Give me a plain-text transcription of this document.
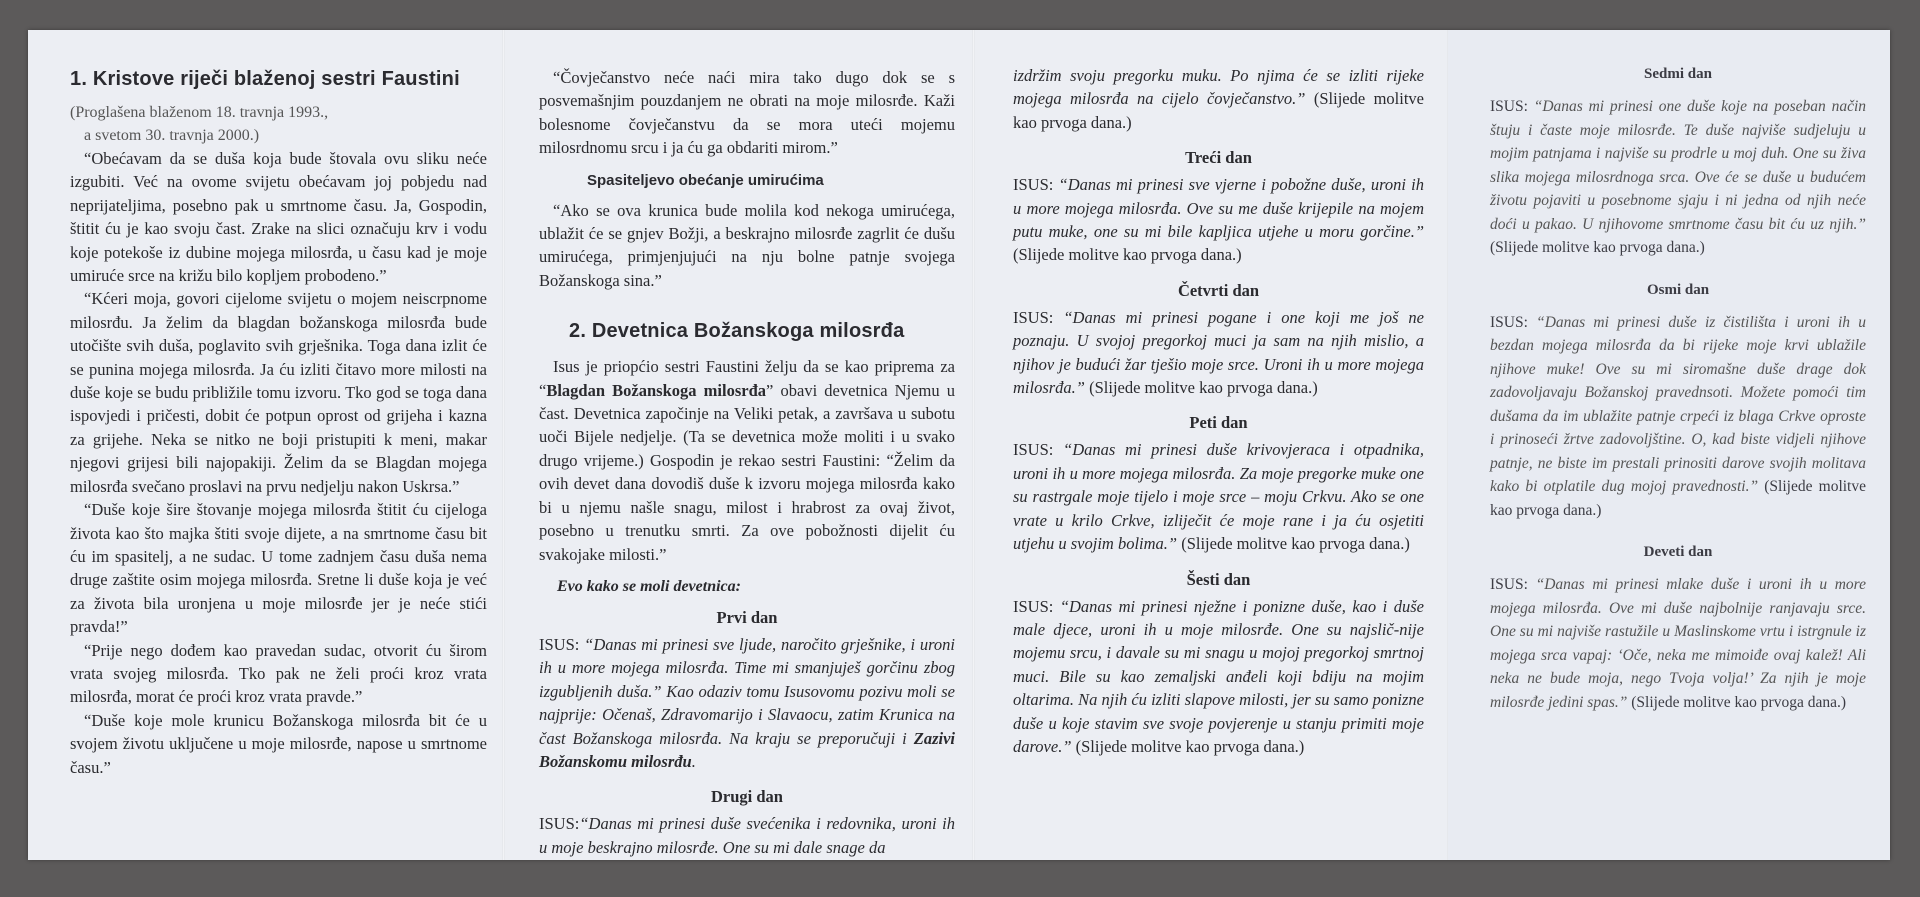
1. Kristove riječi blaženoj sestri Faustini

(Proglašena blaženom 18. travnja 1993.,

a svetom 30. travnja 2000.)

“Obećavam da se duša koja bude štovala ovu sliku neće izgubiti. Već na ovome svijetu obećavam joj pobjedu nad neprijateljima, posebno pak u smrtnome času. Ja, Gospodin, štitit ću je kao svoju čast. Zrake na slici označuju krv i vodu koje potekoše iz dubine mojega milosrđa, u času kad je moje umiruće srce na križu bilo kopljem probodeno.”

“Kćeri moja, govori cijelome svijetu o mojem neiscrpnome milosrđu. Ja želim da blagdan božanskoga milosrđa bude utočište svih duša, poglavito svih grješnika. Toga dana izlit će se punina mojega milosrđa. Ja ću izliti čitavo more milosti na duše koje se budu približile tomu izvoru. Tko god se toga dana ispovjedi i pričesti, dobit će potpun oprost od grijeha i kazna za grijehe. Neka se nitko ne boji pristupiti k meni, makar njegovi grijesi bili najopakiji. Želim da se Blagdan mojega milosrđa svečano proslavi na prvu nedjelju nakon Uskrsa.”

“Duše koje šire štovanje mojega milosrđa štitit ću cijeloga života kao što majka štiti svoje dijete, a na smrtnome času bit ću im spasitelj, a ne sudac. U tome zadnjem času duša nema druge zaštite osim mojega milosrđa. Sretne li duše koja je već za života bila uronjena u moje milosrđe jer je neće stići pravda!”

“Prije nego dođem kao pravedan sudac, otvorit ću širom vrata svojeg milosrđa. Tko pak ne želi proći kroz vrata milosrđa, morat će proći kroz vrata pravde.”

“Duše koje mole krunicu Božanskoga milosrđa bit će u svojem životu uključene u moje milosrđe, napose u smrtnome času.”

“Čovječanstvo neće naći mira tako dugo dok se s posvemašnjim pouzdanjem ne obrati na moje milosrđe. Kaži bolesnome čovječanstvu da se mora uteći mojemu milosrdnomu srcu i ja ću ga obdariti mirom.”

Spasiteljevo obećanje umirućima

“Ako se ova krunica bude molila kod nekoga umirućega, ublažit će se gnjev Božji, a beskrajno milosrđe zagrlit će dušu umirućega, primjenjujući na nju bolne patnje svojega Božanskoga sina.”

2. Devetnica Božanskoga milosrđa

Isus je priopćio sestri Faustini želju da se kao priprema za “Blagdan Božanskoga milosrđa” obavi devetnica Njemu u čast. Devetnica započinje na Veliki petak, a završava u subotu uoči Bijele nedjelje. (Ta se devetnica može moliti i u svako drugo vrijeme.) Gospodin je rekao sestri Faustini: “Želim da ovih devet dana dovodiš duše k izvoru mojega milosrđa kako bi u njemu našle snagu, milost i hrabrost za ovaj život, posebno u trenutku smrti. Za ove pobožnosti dijelit ću svakojake milosti.”

Evo kako se moli devetnica:
Prvi dan

ISUS: “Danas mi prinesi sve ljude, naročito grješnike, i uroni ih u more mojega milosrđa. Time mi smanjuješ gorčinu zbog izgubljenih duša.” Kao odaziv tomu Isusovomu pozivu moli se najprije: Očenaš, Zdravomarijo i Slavaocu, zatim Krunica na čast Božanskoga milosrđa. Na kraju se preporučuji i Zazivi Božanskomu milosrđu.

Drugi dan

ISUS:“Danas mi prinesi duše svećenika i redovnika, uroni ih u moje beskrajno milosrđe. One su mi dale snage da

izdržim svoju pregorku muku. Po njima će se izliti rijeke mojega milosrđa na cijelo čovječanstvo.” (Slijede molitve kao prvoga dana.)

Treći dan

ISUS: “Danas mi prinesi sve vjerne i pobožne duše, uroni ih u more mojega milosrđa. Ove su me duše krijepile na mojem putu muke, one su mi bile kapljica utjehe u moru gorčine.” (Slijede molitve kao prvoga dana.)

Četvrti dan

ISUS: “Danas mi prinesi pogane i one koji me još ne poznaju. U svojoj pregorkoj muci ja sam na njih mislio, a njihov je budući žar tješio moje srce. Uroni ih u more mojega milosrđa.” (Slijede molitve kao prvoga dana.)

Peti dan

ISUS: “Danas mi prinesi duše krivovjeraca i otpadnika, uroni ih u more mojega milosrđa. Za moje pregorke muke one su rastrgale moje tijelo i moje srce – moju Crkvu. Ako se one vrate u krilo Crkve, izliječit će moje rane i ja ću osjetiti utjehu u svojim bolima.” (Slijede molitve kao prvoga dana.)

Šesti dan

ISUS: “Danas mi prinesi nježne i ponizne duše, kao i duše male djece, uroni ih u moje milosrđe. One su najslič-nije mojemu srcu, i davale su mi snagu u mojoj pregorkoj smrtnoj muci. Bile su kao zemaljski anđeli koji bdiju na mojim oltarima. Na njih ću izliti slapove milosti, jer su samo ponizne duše u koje stavim sve svoje povjerenje u stanju primiti moje darove.” (Slijede molitve kao prvoga dana.)

Sedmi dan

ISUS: “Danas mi prinesi one duše koje na poseban način štuju i časte moje milosrđe. Te duše najviše sudjeluju u mojim patnjama i najviše su prodrle u moj duh. One su živa slika mojega milosrdnoga srca. Ove će se duše u budućem životu pojaviti u posebnome sjaju i ni jedna od njih neće doći u pakao. U njihovome smrtnome času bit ću uz njih.” (Slijede molitve kao prvoga dana.)

Osmi dan

ISUS: “Danas mi prinesi duše iz čistilišta i uroni ih u bezdan mojega milosrđa da bi rijeke moje krvi ublažile njihove muke! Ove su mi siromašne duše drage dok zadovoljavaju Božanskoj pravednsoti. Možete pomoći tim dušama da im ublažite patnje crpeći iz blaga Crkve oproste i prinoseći žrtve zadovoljštine. O, kad biste vidjeli njihove patnje, ne biste im prestali prinositi darove svojih molitava kako bi otplatile dug mojoj pravednosti.” (Slijede molitve kao prvoga dana.)

Deveti dan

ISUS: “Danas mi prinesi mlake duše i uroni ih u more mojega milosrđa. Ove mi duše najbolnije ranjavaju srce. One su mi najviše rastužile u Maslinskome vrtu i istrgnule iz mojega srca vapaj: ‘Oče, neka me mimoiđe ovaj kalež! Ali neka ne bude moja, nego Tvoja volja!’ Za njih je moje milosrđe jedini spas.” (Slijede molitve kao prvoga dana.)
